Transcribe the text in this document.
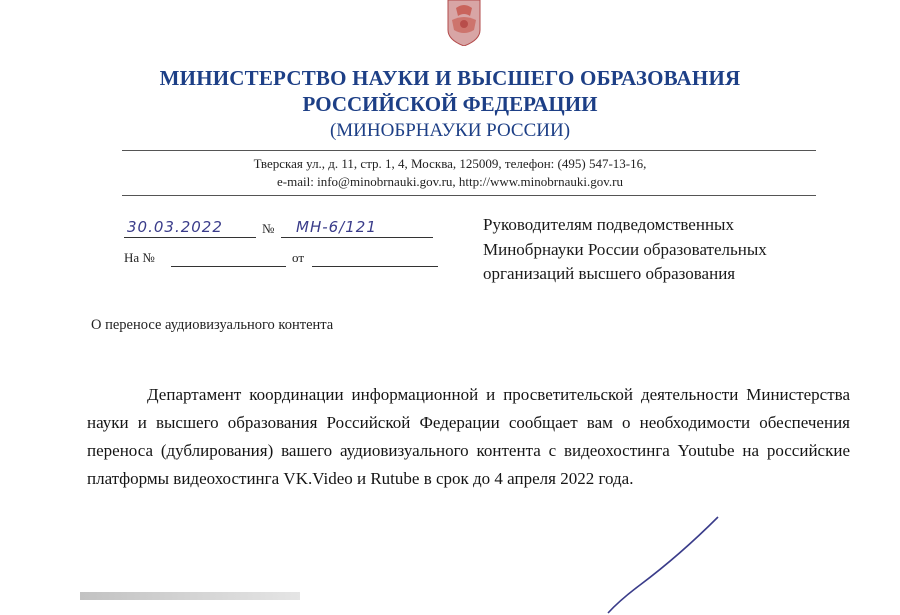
МИНИСТЕРСТВО НАУКИ И ВЫСШЕГО ОБРАЗОВАНИЯ
РОССИЙСКОЙ ФЕДЕРАЦИИ
(МИНОБРНАУКИ РОССИИ)
Тверская ул., д. 11, стр. 1, 4, Москва, 125009, телефон: (495) 547-13-16,
e-mail: info@minobrnauki.gov.ru, http://www.minobrnauki.gov.ru
30.03.2022	№ МН-6/121
На №	от
Руководителям подведомственных
Минобрнауки России образовательных
организаций высшего образования
О переносе аудиовизуального контента
Департамент координации информационной и просветительской деятельности Министерства науки и высшего образования Российской Федерации сообщает вам о необходимости обеспечения переноса (дублирования) вашего аудиовизуального контента с видеохостинга Youtube на российские платформы видеохостинга VK.Video и Rutube в срок до 4 апреля 2022 года.
